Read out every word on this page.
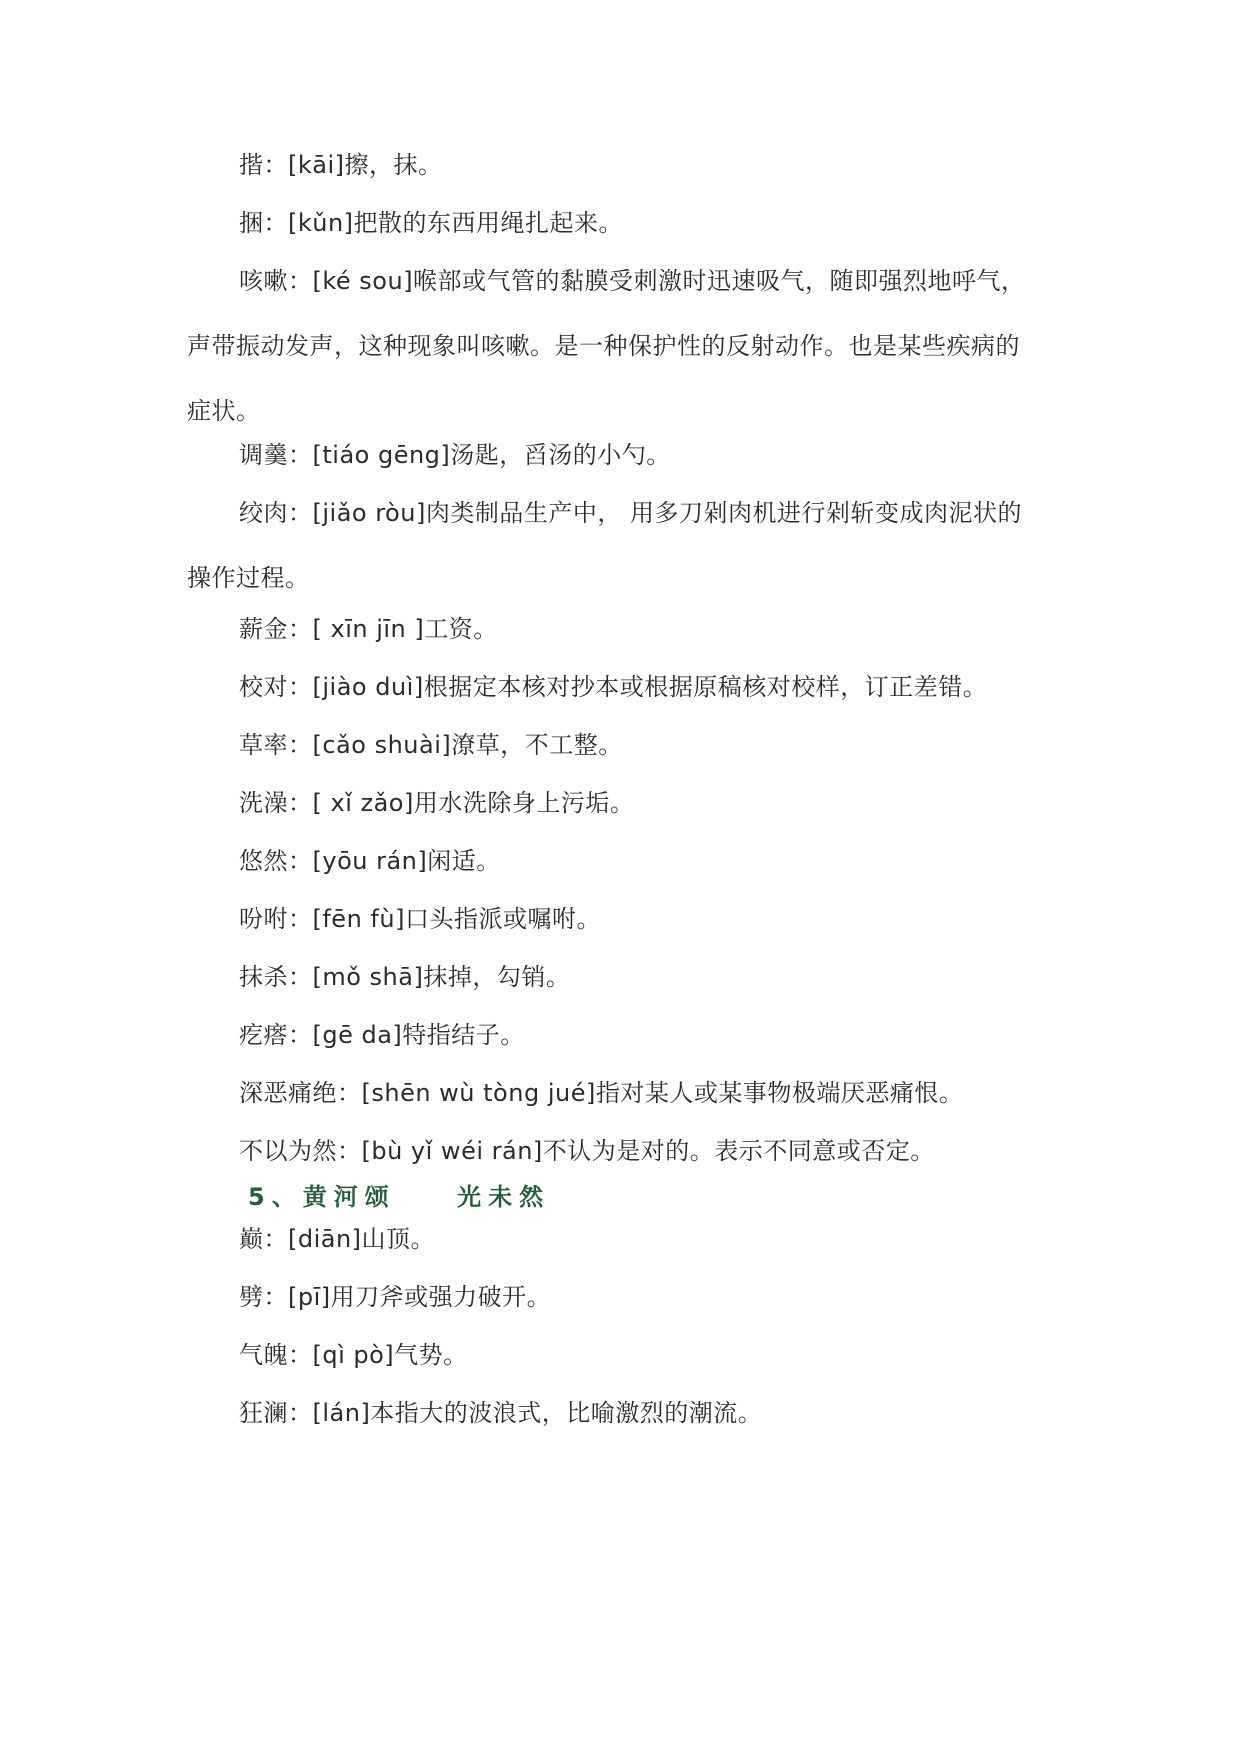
揩：[kāi]擦，抹。

捆：[kǔn]把散的东西用绳扎起来。

咳嗽：[ké sou]喉部或气管的黏膜受刺激时迅速吸气，随即强烈地呼气，声带振动发声，这种现象叫咳嗽。是一种保护性的反射动作。也是某些疾病的症状。

调羹：[tiáo gēng]汤匙，舀汤的小勺。

绞肉：[jiǎo ròu]肉类制品生产中， 用多刀剁肉机进行剁斩变成肉泥状的操作过程。

薪金：[ xīn jīn ]工资。

校对：[jiào duì]根据定本核对抄本或根据原稿核对校样，订正差错。

草率：[cǎo shuài]潦草，不工整。

洗澡：[ xǐ zǎo]用水洗除身上污垢。

悠然：[yōu rán]闲适。

吩咐：[fēn fù]口头指派或嘱咐。

抹杀：[mǒ shā]抹掉，勾销。

疙瘩：[gē da]特指结子。

深恶痛绝：[shēn wù tòng jué]指对某人或某事物极端厌恶痛恨。

不以为然：[bù yǐ wéi rán]不认为是对的。表示不同意或否定。

5、黄河颂    光未然

巅：[diān]山顶。

劈：[pī]用刀斧或强力破开。

气魄：[qì pò]气势。

狂澜：[lán]本指大的波浪式，比喻激烈的潮流。
